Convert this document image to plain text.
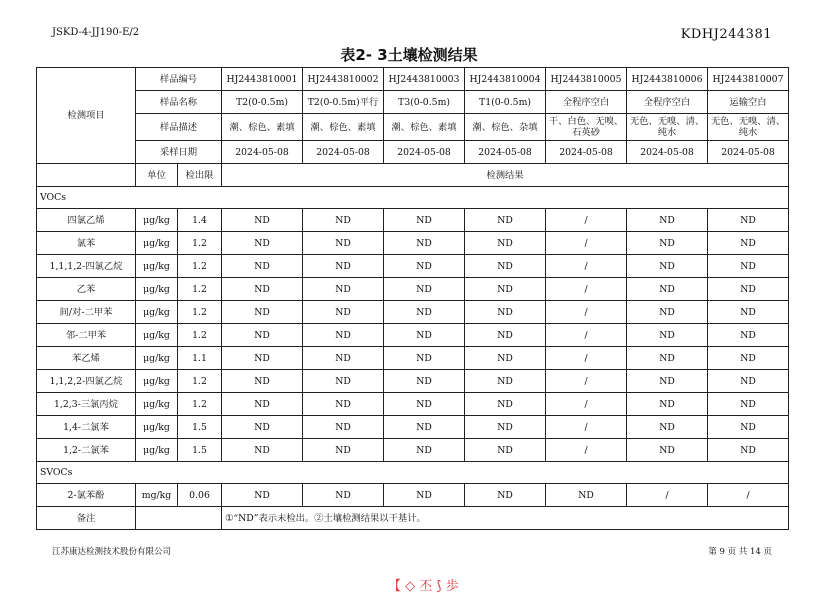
JSKD-4-JJ190-E/2	KDHJ244381
表2- 3土壤检测结果
检测项目	样品编号		HJ2443810001	HJ2443810002	HJ2443810003	HJ2443810004	HJ2443810005	HJ2443810006	HJ2443810007
	样品名称		T2(0-0.5m)	T2(0-0.5m)平行	T3(0-0.5m)	T1(0-0.5m)	全程序空白	全程序空白	运输空白
	样品描述		潮、棕色、素填	潮、棕色、素填	潮、棕色、素填	潮、棕色、杂填	干、白色、无嗅、石英砂	无色、无嗅、清、纯水	无色、无嗅、清、纯水
	采样日期		2024-05-08	2024-05-08	2024-05-08	2024-05-08	2024-05-08	2024-05-08	2024-05-08
	单位	检出限	检测结果						
VOCs									
四氯乙烯	μg/kg	1.4	ND	ND	ND	ND	/	ND	ND
氯苯	μg/kg	1.2	ND	ND	ND	ND	/	ND	ND
1,1,1,2-四氯乙烷	μg/kg	1.2	ND	ND	ND	ND	/	ND	ND
乙苯	μg/kg	1.2	ND	ND	ND	ND	/	ND	ND
间/对-二甲苯	μg/kg	1.2	ND	ND	ND	ND	/	ND	ND
邻-二甲苯	μg/kg	1.2	ND	ND	ND	ND	/	ND	ND
苯乙烯	μg/kg	1.1	ND	ND	ND	ND	/	ND	ND
1,1,2,2-四氯乙烷	μg/kg	1.2	ND	ND	ND	ND	/	ND	ND
1,2,3-三氯丙烷	μg/kg	1.2	ND	ND	ND	ND	/	ND	ND
1,4-二氯苯	μg/kg	1.5	ND	ND	ND	ND	/	ND	ND
1,2-二氯苯	μg/kg	1.5	ND	ND	ND	ND	/	ND	ND
SVOCs									
2-氯苯酚	mg/kg	0.06	ND	ND	ND	ND	ND	/	/
备注			①“ND”表示未检出。②土壤检测结果以干基计。						
江苏康达检测技术股份有限公司	第 9 页 共 14 页
【 ◇ 丕 ⟆ 歩
